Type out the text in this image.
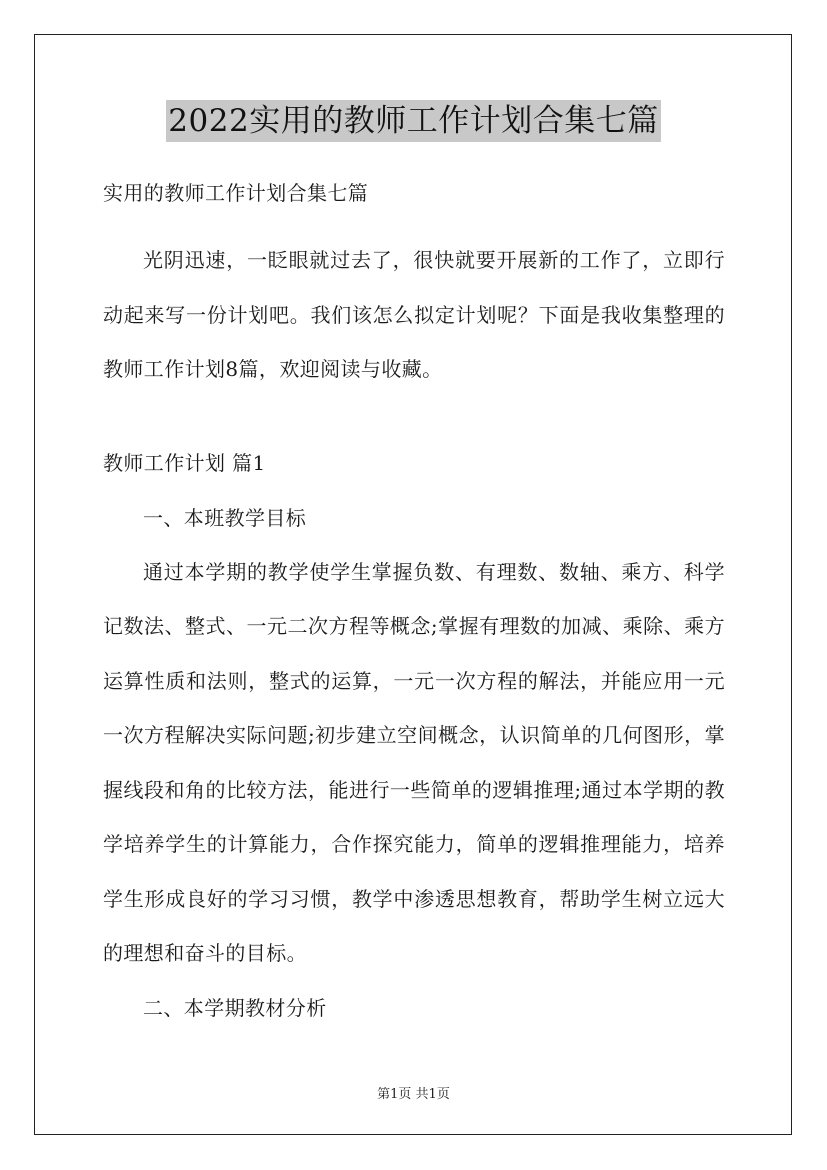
2022实用的教师工作计划合集七篇
实用的教师工作计划合集七篇
光阴迅速，一眨眼就过去了，很快就要开展新的工作了，立即行动起来写一份计划吧。我们该怎么拟定计划呢？下面是我收集整理的教师工作计划8篇，欢迎阅读与收藏。
教师工作计划 篇1
一、本班教学目标
通过本学期的教学使学生掌握负数、有理数、数轴、乘方、科学记数法、整式、一元二次方程等概念;掌握有理数的加减、乘除、乘方运算性质和法则，整式的运算，一元一次方程的解法，并能应用一元一次方程解决实际问题;初步建立空间概念，认识简单的几何图形，掌握线段和角的比较方法，能进行一些简单的逻辑推理;通过本学期的教学培养学生的计算能力，合作探究能力，简单的逻辑推理能力，培养学生形成良好的学习习惯，教学中渗透思想教育，帮助学生树立远大的理想和奋斗的目标。
二、本学期教材分析
第1页 共1页
